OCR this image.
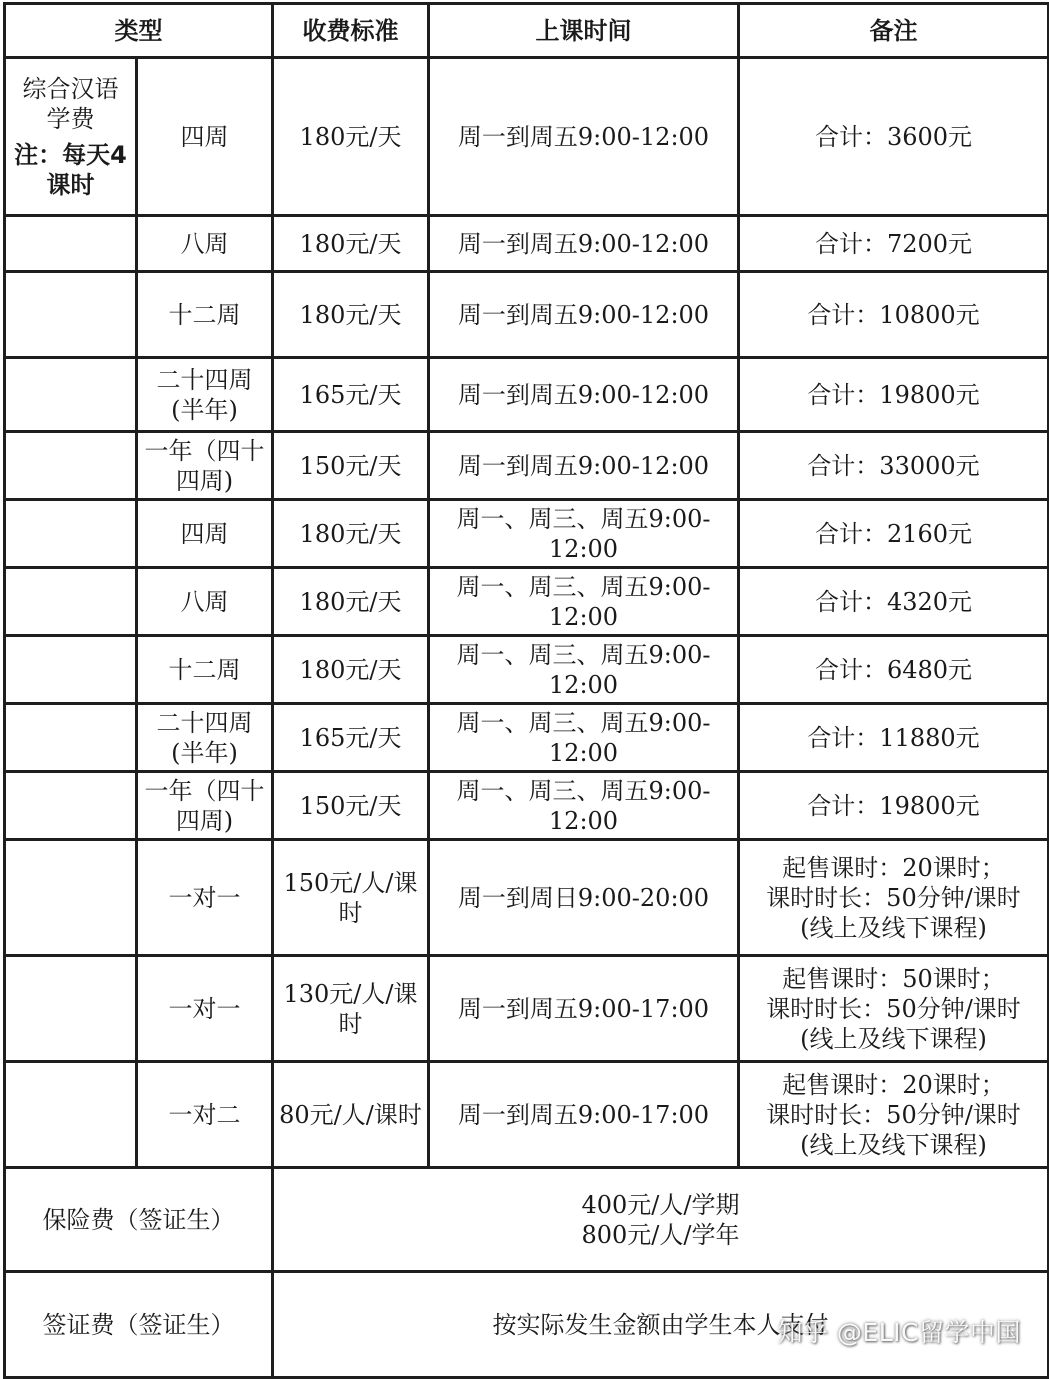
类型		收费标准	上课时间	备注

综合汉语
学费
注：每天4
课时	四周	180元/天	周一到周五9:00-12:00	合计：3600元
	八周	180元/天	周一到周五9:00-12:00	合计：7200元
	十二周	180元/天	周一到周五9:00-12:00	合计：10800元
	二十四周
(半年)	165元/天	周一到周五9:00-12:00	合计：19800元
	一年（四十
四周)	150元/天	周一到周五9:00-12:00	合计：33000元
	四周	180元/天	周一、周三、周五9:00-
12:00	合计：2160元
	八周	180元/天	周一、周三、周五9:00-
12:00	合计：4320元
	十二周	180元/天	周一、周三、周五9:00-
12:00	合计：6480元
	二十四周
(半年)	165元/天	周一、周三、周五9:00-
12:00	合计：11880元
	一年（四十
四周)	150元/天	周一、周三、周五9:00-
12:00	合计：19800元
	一对一	150元/人/课
时	周一到周日9:00-20:00	起售课时：20课时；
课时时长：50分钟/课时
(线上及线下课程)
	一对一	130元/人/课
时	周一到周五9:00-17:00	起售课时：50课时；
课时时长：50分钟/课时
(线上及线下课程)
	一对二	80元/人/课时	周一到周五9:00-17:00	起售课时：20课时；
课时时长：50分钟/课时
(线上及线下课程)
保险费（签证生）		400元/人/学期
800元/人/学年		
签证费（签证生）		按实际发生金额由学生本人支付		
知乎 @ELIC留学中国
